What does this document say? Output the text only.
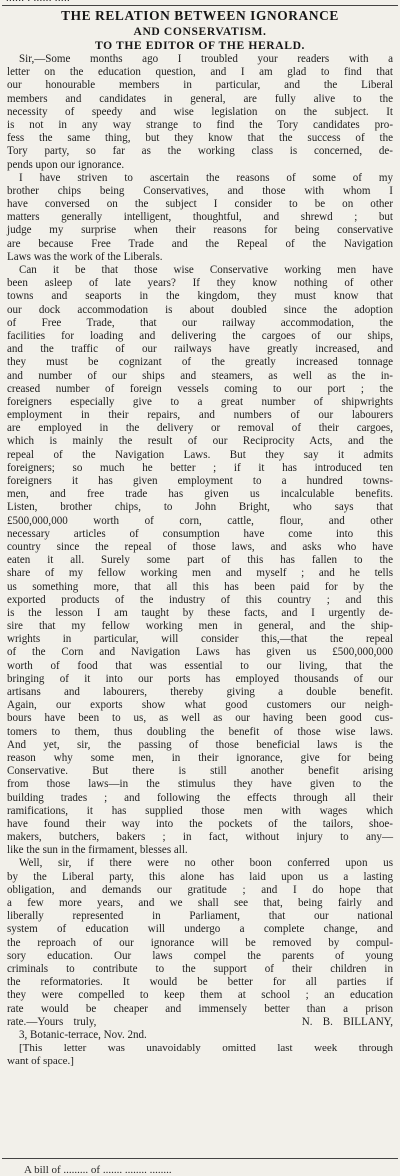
THE RELATION BETWEEN IGNORANCE
AND CONSERVATISM.
TO THE EDITOR OF THE HERALD.
Sir,—Some months ago I troubled your readers with a
letter on the education question, and I am glad to find that
our honourable members in particular, and the Liberal
members and candidates in general, are fully alive to the
necessity of speedy and wise legislation on the subject. It
is not in any way strange to find the Tory candidates pro-
fess the same thing, but they know that the success of the
Tory party, so far as the working class is concerned, de-
pends upon our ignorance.
I have striven to ascertain the reasons of some of my
brother chips being Conservatives, and those with whom I
have conversed on the subject I consider to be on other
matters generally intelligent, thoughtful, and shrewd ; but
judge my surprise when their reasons for being conservative
are because Free Trade and the Repeal of the Navigation
Laws was the work of the Liberals.
Can it be that those wise Conservative working men have
been asleep of late years? If they know nothing of other
towns and seaports in the kingdom, they must know that
our dock accommodation is about doubled since the adoption
of Free Trade, that our railway accommodation, the
facilities for loading and delivering the cargoes of our ships,
and the traffic of our railways have greatly increased, and
they must be cognizant of the greatly increased tonnage
and number of our ships and steamers, as well as the in-
creased number of foreign vessels coming to our port ; the
foreigners especially give to a great number of shipwrights
employment in their repairs, and numbers of our labourers
are employed in the delivery or removal of their cargoes,
which is mainly the result of our Reciprocity Acts, and the
repeal of the Navigation Laws. But they say it admits
foreigners; so much he better ; if it has introduced ten
foreigners it has given employment to a hundred towns-
men, and free trade has given us incalculable benefits.
Listen, brother chips, to John Bright, who says that
£500,000,000 worth of corn, cattle, flour, and other
necessary articles of consumption have come into this
country since the repeal of those laws, and asks who have
eaten it all. Surely some part of this has fallen to the
share of my fellow working men and myself ; and he tells
us something more, that all this has been paid for by the
exported products of the industry of this country ; and this
is the lesson I am taught by these facts, and I urgently de-
sire that my fellow working men in general, and the ship-
wrights in particular, will consider this,—that the repeal
of the Corn and Navigation Laws has given us £500,000,000
worth of food that was essential to our living, that the
bringing of it into our ports has employed thousands of our
artisans and labourers, thereby giving a double benefit.
Again, our exports show what good customers our neigh-
bours have been to us, as well as our having been good cus-
tomers to them, thus doubling the benefit of those wise laws.
And yet, sir, the passing of those beneficial laws is the
reason why some men, in their ignorance, give for being
Conservative. But there is still another benefit arising
from those laws—in the stimulus they have given to the
building trades ; and following the effects through all their
ramifications, it has supplied those men with wages which
have found their way into the pockets of the tailors, shoe-
makers, butchers, bakers ; in fact, without injury to any—
like the sun in the firmament, blesses all.
Well, sir, if there were no other boon conferred upon us
by the Liberal party, this alone has laid upon us a lasting
obligation, and demands our gratitude ; and I do hope that
a few more years, and we shall see that, being fairly and
liberally represented in Parliament, that our national
system of education will undergo a complete change, and
the reproach of our ignorance will be removed by compul-
sory education. Our laws compel the parents of young
criminals to contribute to the support of their children in
the reformatories. It would be better for all parties if
they were compelled to keep them at school ; an education
rate would be cheaper and immensely better than a prison
rate.—Yours truly,                    N. B. BILLANY,
3, Botanic-terrace, Nov. 2nd.
[This letter was unavoidably omitted last week through
want of space.]
A bill of ......... of ....... ........ ........
